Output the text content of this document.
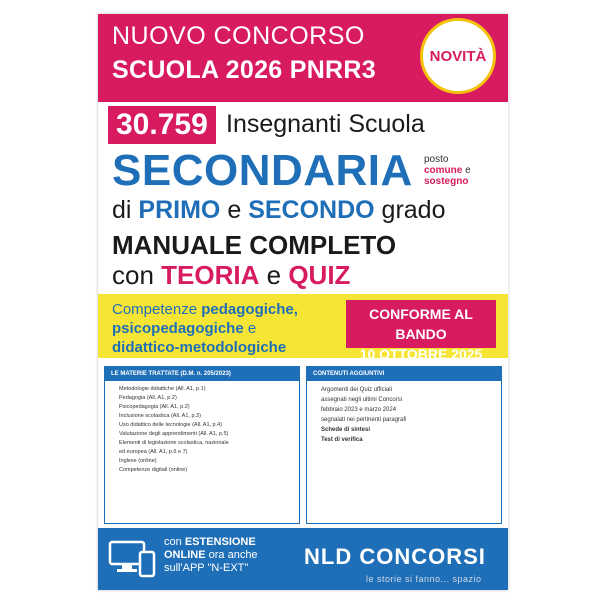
NUOVO CONCORSO
SCUOLA 2026 PNRR3	NOVITÀ
30.759 Insegnanti Scuola
SECONDARIA posto
comune e
sostegno
di PRIMO e SECONDO grado
MANUALE COMPLETO
con TEORIA e QUIZ
Competenze pedagogiche,
psicopedagogiche e
didattico-metodologiche
CONFORME AL BANDO
10 OTTOBRE 2025
LE MATERIE TRATTATE (D.M. n. 205/2023)
• Metodologie didattiche (All. A1, p.1)
• Pedagogia (All. A1, p.2)
• Psicopedagogia (All. A1, p.2)
• Inclusione scolastica (All. A1, p.3)
• Uso didattico delle tecnologie (All. A1, p.4)
• Valutazione degli apprendimenti (All. A1, p.5)
• Elementi di legislazione scolastica, nazionale
ed europea (All. A1, p.6 e 7)
• Inglese (online)
• Competenze digitali (online)
CONTENUTI AGGIUNTIVI
• Argomenti dei Quiz ufficiali
assegnati negli ultimi Concorsi
febbraio 2023 e marzo 2024
segnalati nei pertinenti paragrafi
• Schede di sintesi
• Test di verifica
con ESTENSIONE
ONLINE ora anche
sull'APP "N-EXT"	NLD CONCORSI
le storie si fanno... spazio
